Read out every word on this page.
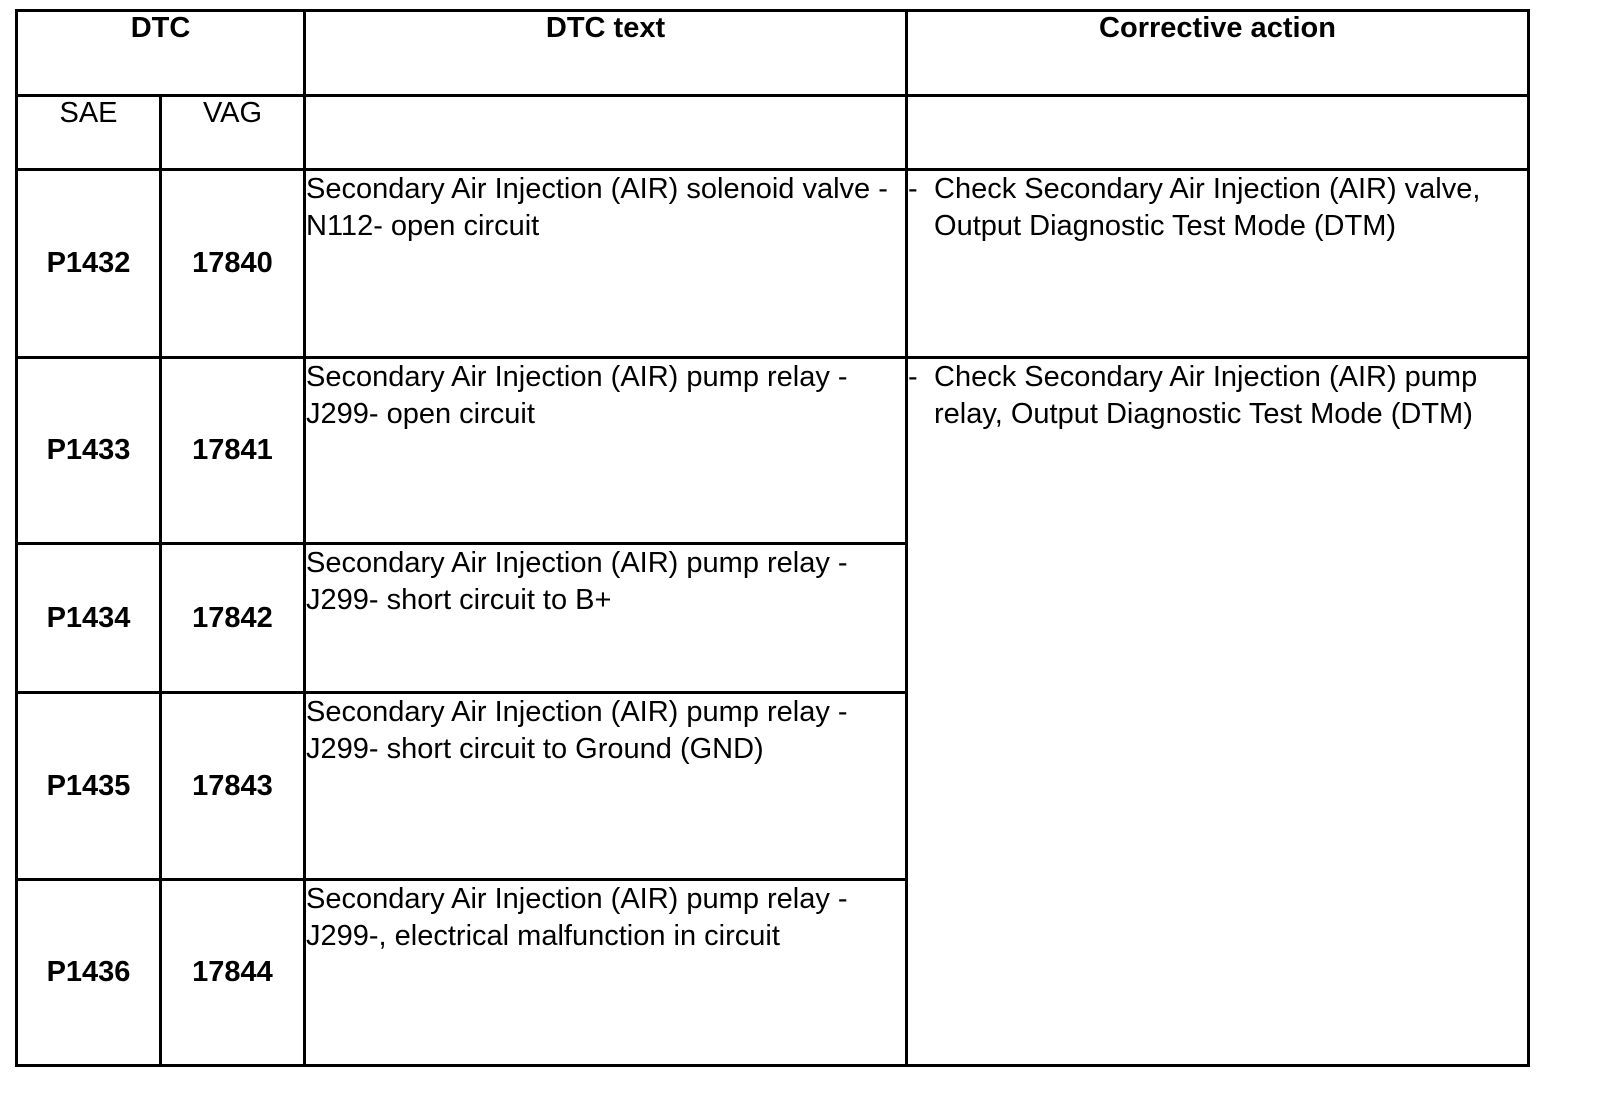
DTC		DTC text	Corrective action
SAE	VAG		
P1432	17840	Secondary Air Injection (AIR) solenoid valve -N112- open circuit	- Check Secondary Air Injection (AIR) valve, Output Diagnostic Test Mode (DTM)

P1433	17841	Secondary Air Injection (AIR) pump relay -J299- open circuit	- Check Secondary Air Injection (AIR) pump relay, Output Diagnostic Test Mode (DTM)

P1434	17842	Secondary Air Injection (AIR) pump relay -J299- short circuit to B+	
P1435	17843	Secondary Air Injection (AIR) pump relay -J299- short circuit to Ground (GND)	
P1436	17844	Secondary Air Injection (AIR) pump relay -J299-, electrical malfunction in circuit	
